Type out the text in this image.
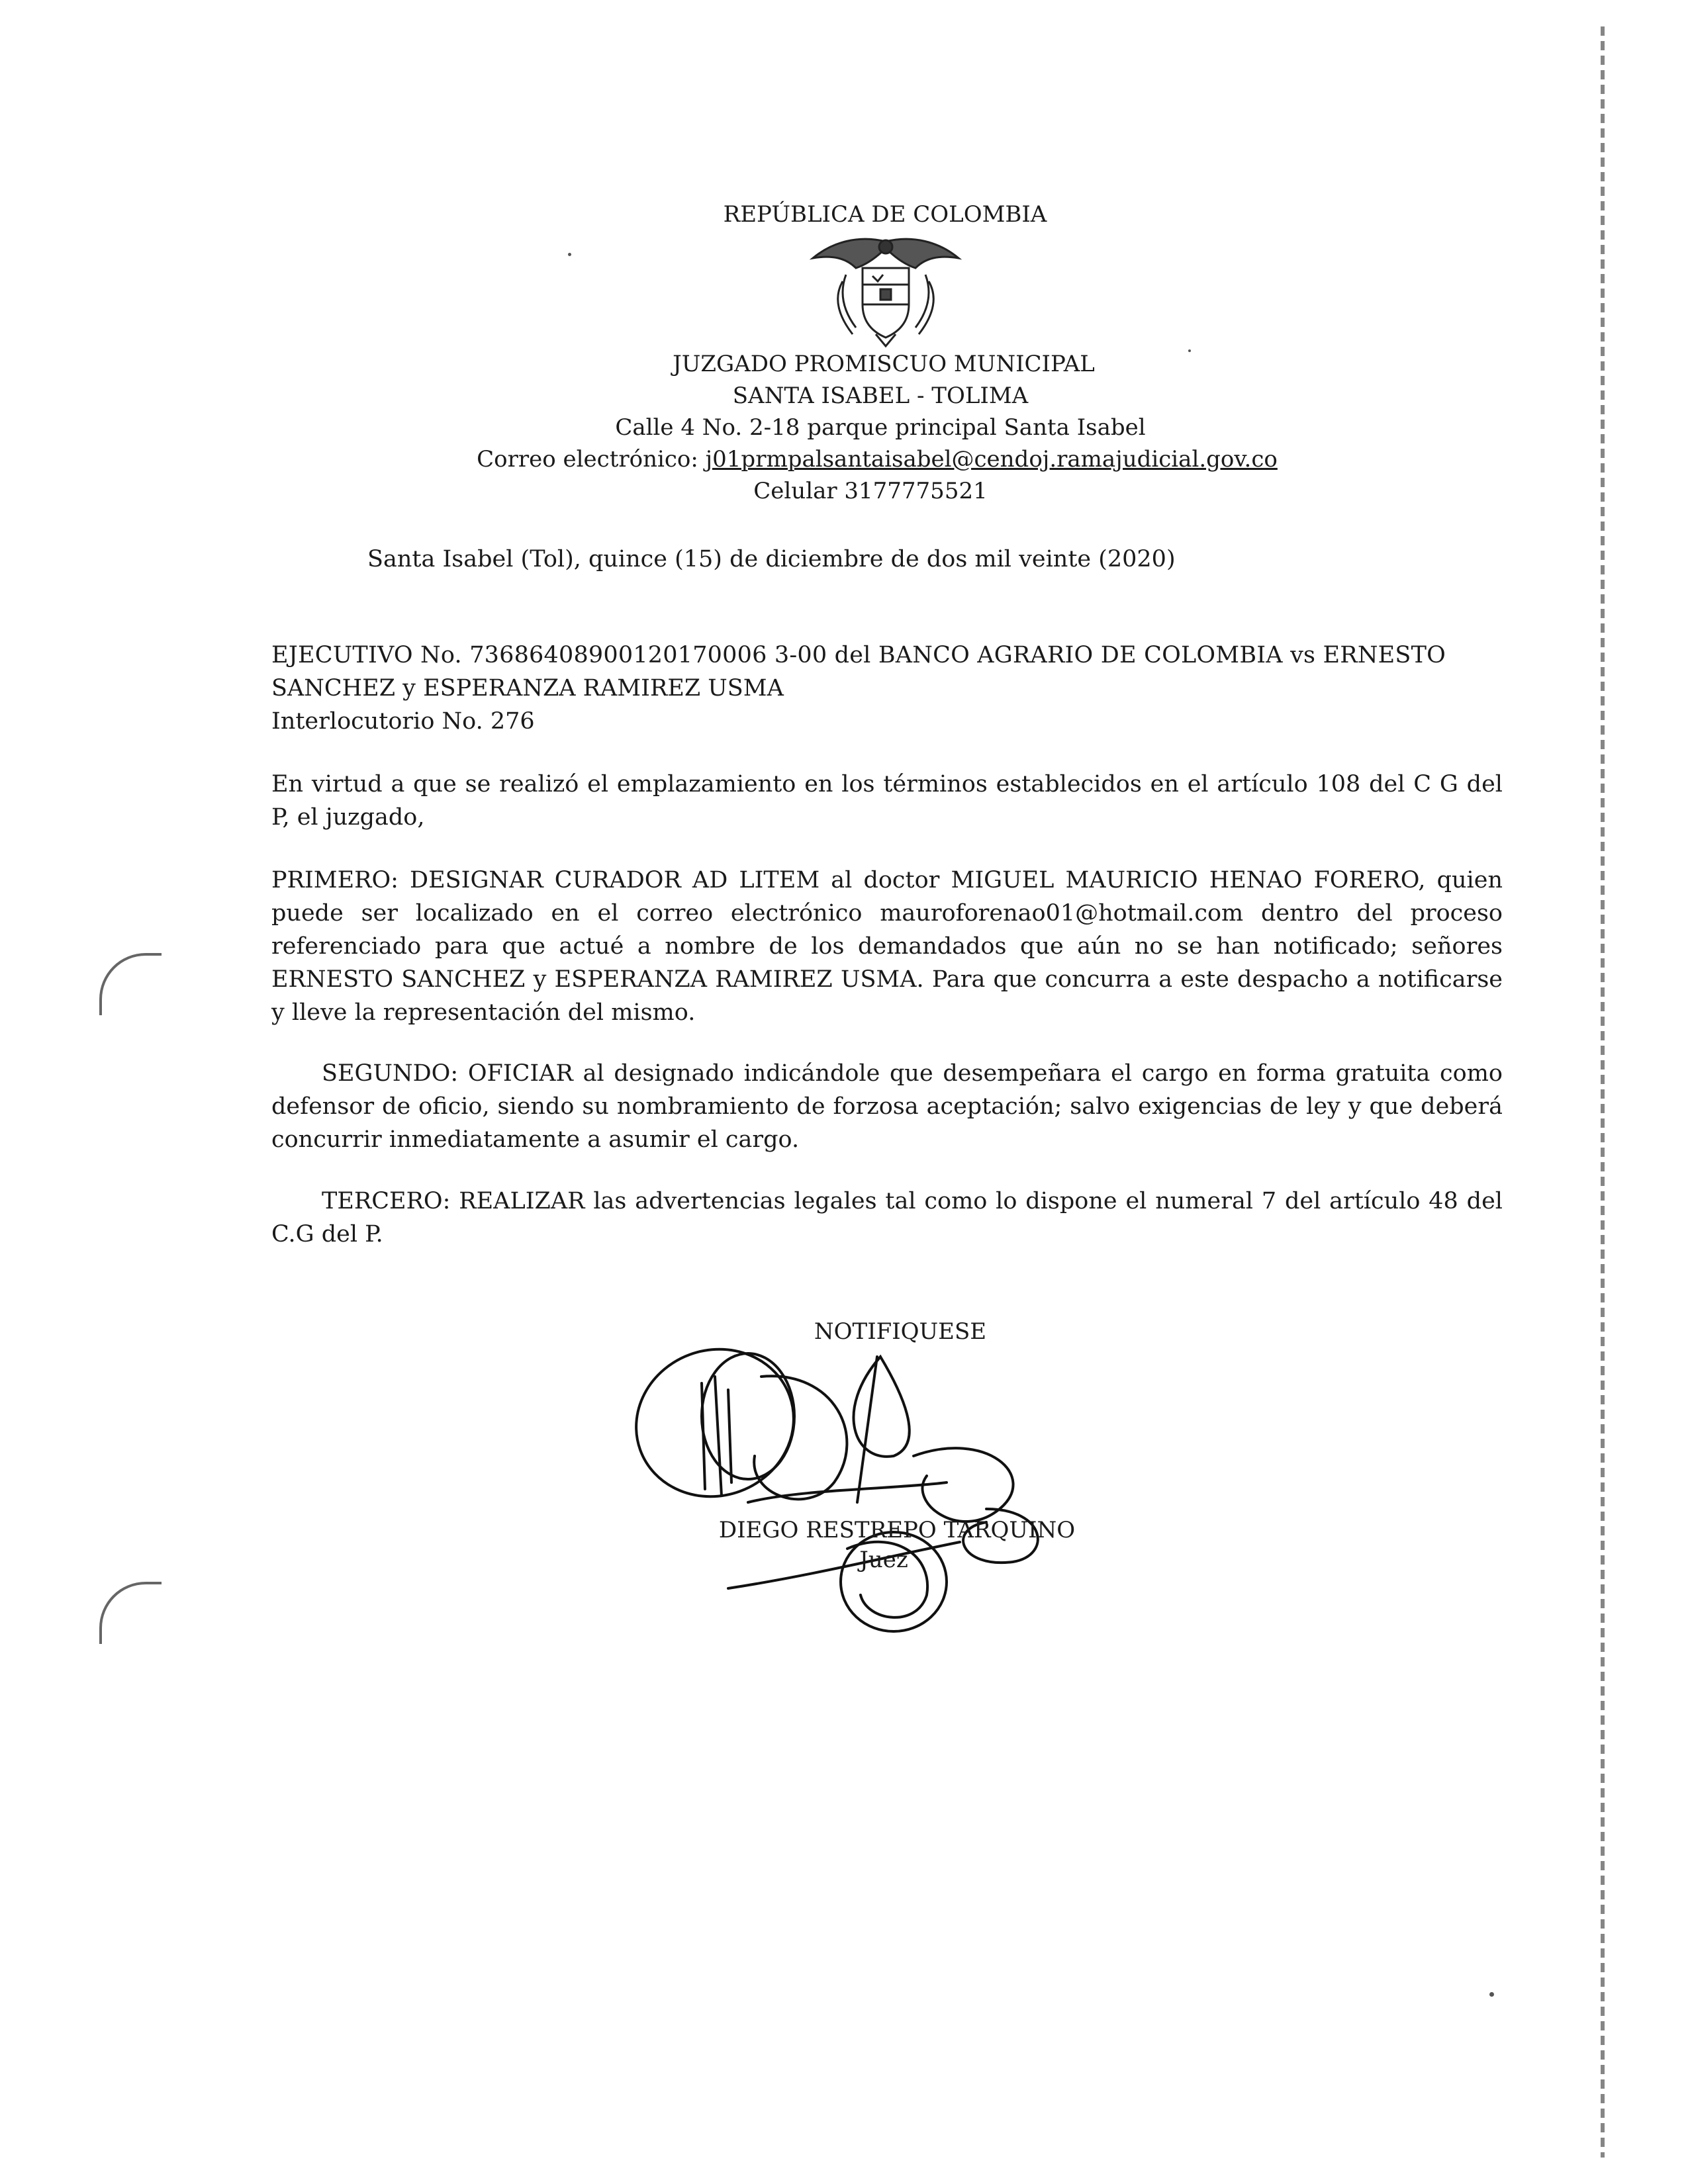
REPÚBLICA DE COLOMBIA
JUZGADO PROMISCUO MUNICIPAL
SANTA ISABEL - TOLIMA
Calle 4 No. 2-18 parque principal Santa Isabel
Correo electrónico: j01prmpalsantaisabel@cendoj.ramajudicial.gov.co
Celular 3177775521
Santa Isabel (Tol), quince (15) de diciembre de dos mil veinte (2020)
EJECUTIVO No. 73686408900120170006 3-00 del BANCO AGRARIO DE COLOMBIA vs ERNESTO
SANCHEZ y ESPERANZA RAMIREZ USMA
Interlocutorio No. 276
En virtud a que se realizó el emplazamiento en los términos establecidos en el artículo 108 del C G del P, el juzgado,
PRIMERO: DESIGNAR CURADOR AD LITEM al doctor MIGUEL MAURICIO HENAO FORERO, quien puede ser localizado en el correo electrónico mauroforenao01@hotmail.com dentro del proceso referenciado para que actué a nombre de los demandados que aún no se han notificado; señores ERNESTO SANCHEZ y ESPERANZA RAMIREZ USMA. Para que concurra a este despacho a notificarse y lleve la representación del mismo.
SEGUNDO: OFICIAR al designado indicándole que desempeñara el cargo en forma gratuita como defensor de oficio, siendo su nombramiento de forzosa aceptación; salvo exigencias de ley y que deberá concurrir inmediatamente a asumir el cargo.
TERCERO: REALIZAR las advertencias legales tal como lo dispone el numeral 7 del artículo 48 del C.G del P.
NOTIFIQUESE
DIEGO RESTREPO TARQUINO
Juez
